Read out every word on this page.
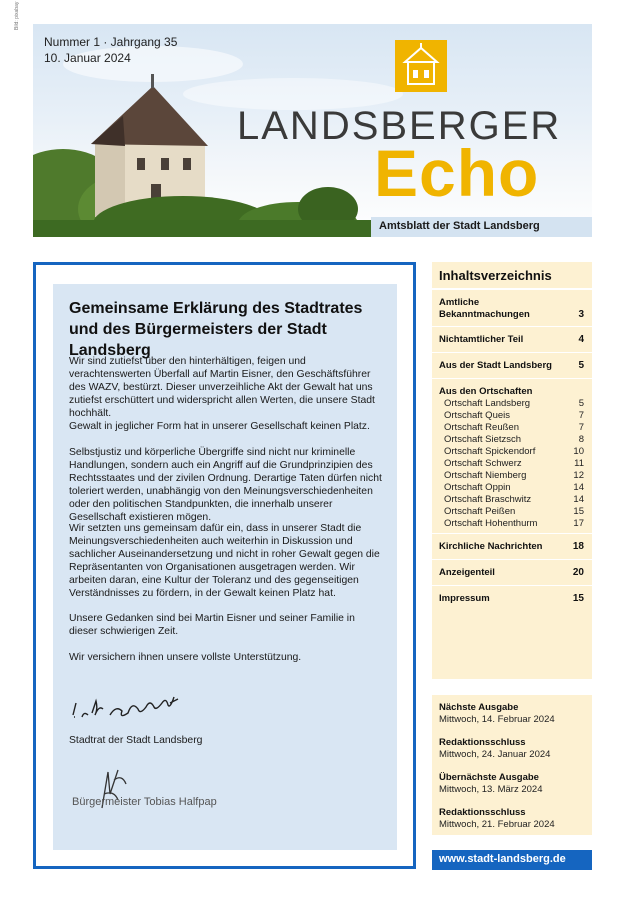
Bild: pixabay
Nummer 1 · Jahrgang 35
10. Januar 2024
LANDSBERGER
Echo
Amtsblatt der Stadt Landsberg
Gemeinsame Erklärung des Stadtrates und des Bürgermeisters der Stadt Landsberg

Wir sind zutiefst über den hinterhältigen, feigen und verachtenswerten Überfall auf Martin Eisner, den Geschäftsführer des WAZV, bestürzt. Dieser unverzeihliche Akt der Gewalt hat uns zutiefst erschüttert und widerspricht allen Werten, die unsere Stadt hochhält.

Gewalt in jeglicher Form hat in unserer Gesellschaft keinen Platz.

Selbstjustiz und körperliche Übergriffe sind nicht nur kriminelle Handlungen, sondern auch ein Angriff auf die Grundprinzipien des Rechtsstaates und der zivilen Ordnung. Derartige Taten dürfen nicht toleriert werden, unabhängig von den Meinungsverschiedenheiten oder den politischen Standpunkten, die innerhalb unserer Gesellschaft existieren mögen.

Wir setzten uns gemeinsam dafür ein, dass in unserer Stadt die Meinungsverschiedenheiten auch weiterhin in Diskussion und sachlicher Auseinandersetzung und nicht in roher Gewalt gegen die Repräsentanten von Organisationen ausgetragen werden. Wir arbeiten daran, eine Kultur der Toleranz und des gegenseitigen Verständnisses zu fördern, in der Gewalt keinen Platz hat.

Unsere Gedanken sind bei Martin Eisner und seiner Familie in dieser schwierigen Zeit.

Wir versichern ihnen unsere vollste Unterstützung.

Stadtrat der Stadt Landsberg
Bürgermeister Tobias Halfpap
Inhaltsverzeichnis
Amtliche Bekanntmachungen	3
Nichtamtlicher Teil	4
Aus der Stadt Landsberg	5
Aus den Ortschaften
Ortschaft Landsberg	5
Ortschaft Queis	7
Ortschaft Reußen	7
Ortschaft Sietzsch	8
Ortschaft Spickendorf	10
Ortschaft Schwerz	11
Ortschaft Niemberg	12
Ortschaft Oppin	14
Ortschaft Braschwitz	14
Ortschaft Peißen	15
Ortschaft Hohenthurm	17
Kirchliche Nachrichten	18
Anzeigenteil	20
Impressum	15
Nächste Ausgabe
Mittwoch, 14. Februar 2024
Redaktionsschluss
Mittwoch, 24. Januar 2024
Übernächste Ausgabe
Mittwoch, 13. März 2024
Redaktionsschluss
Mittwoch, 21. Februar 2024
www.stadt-landsberg.de
